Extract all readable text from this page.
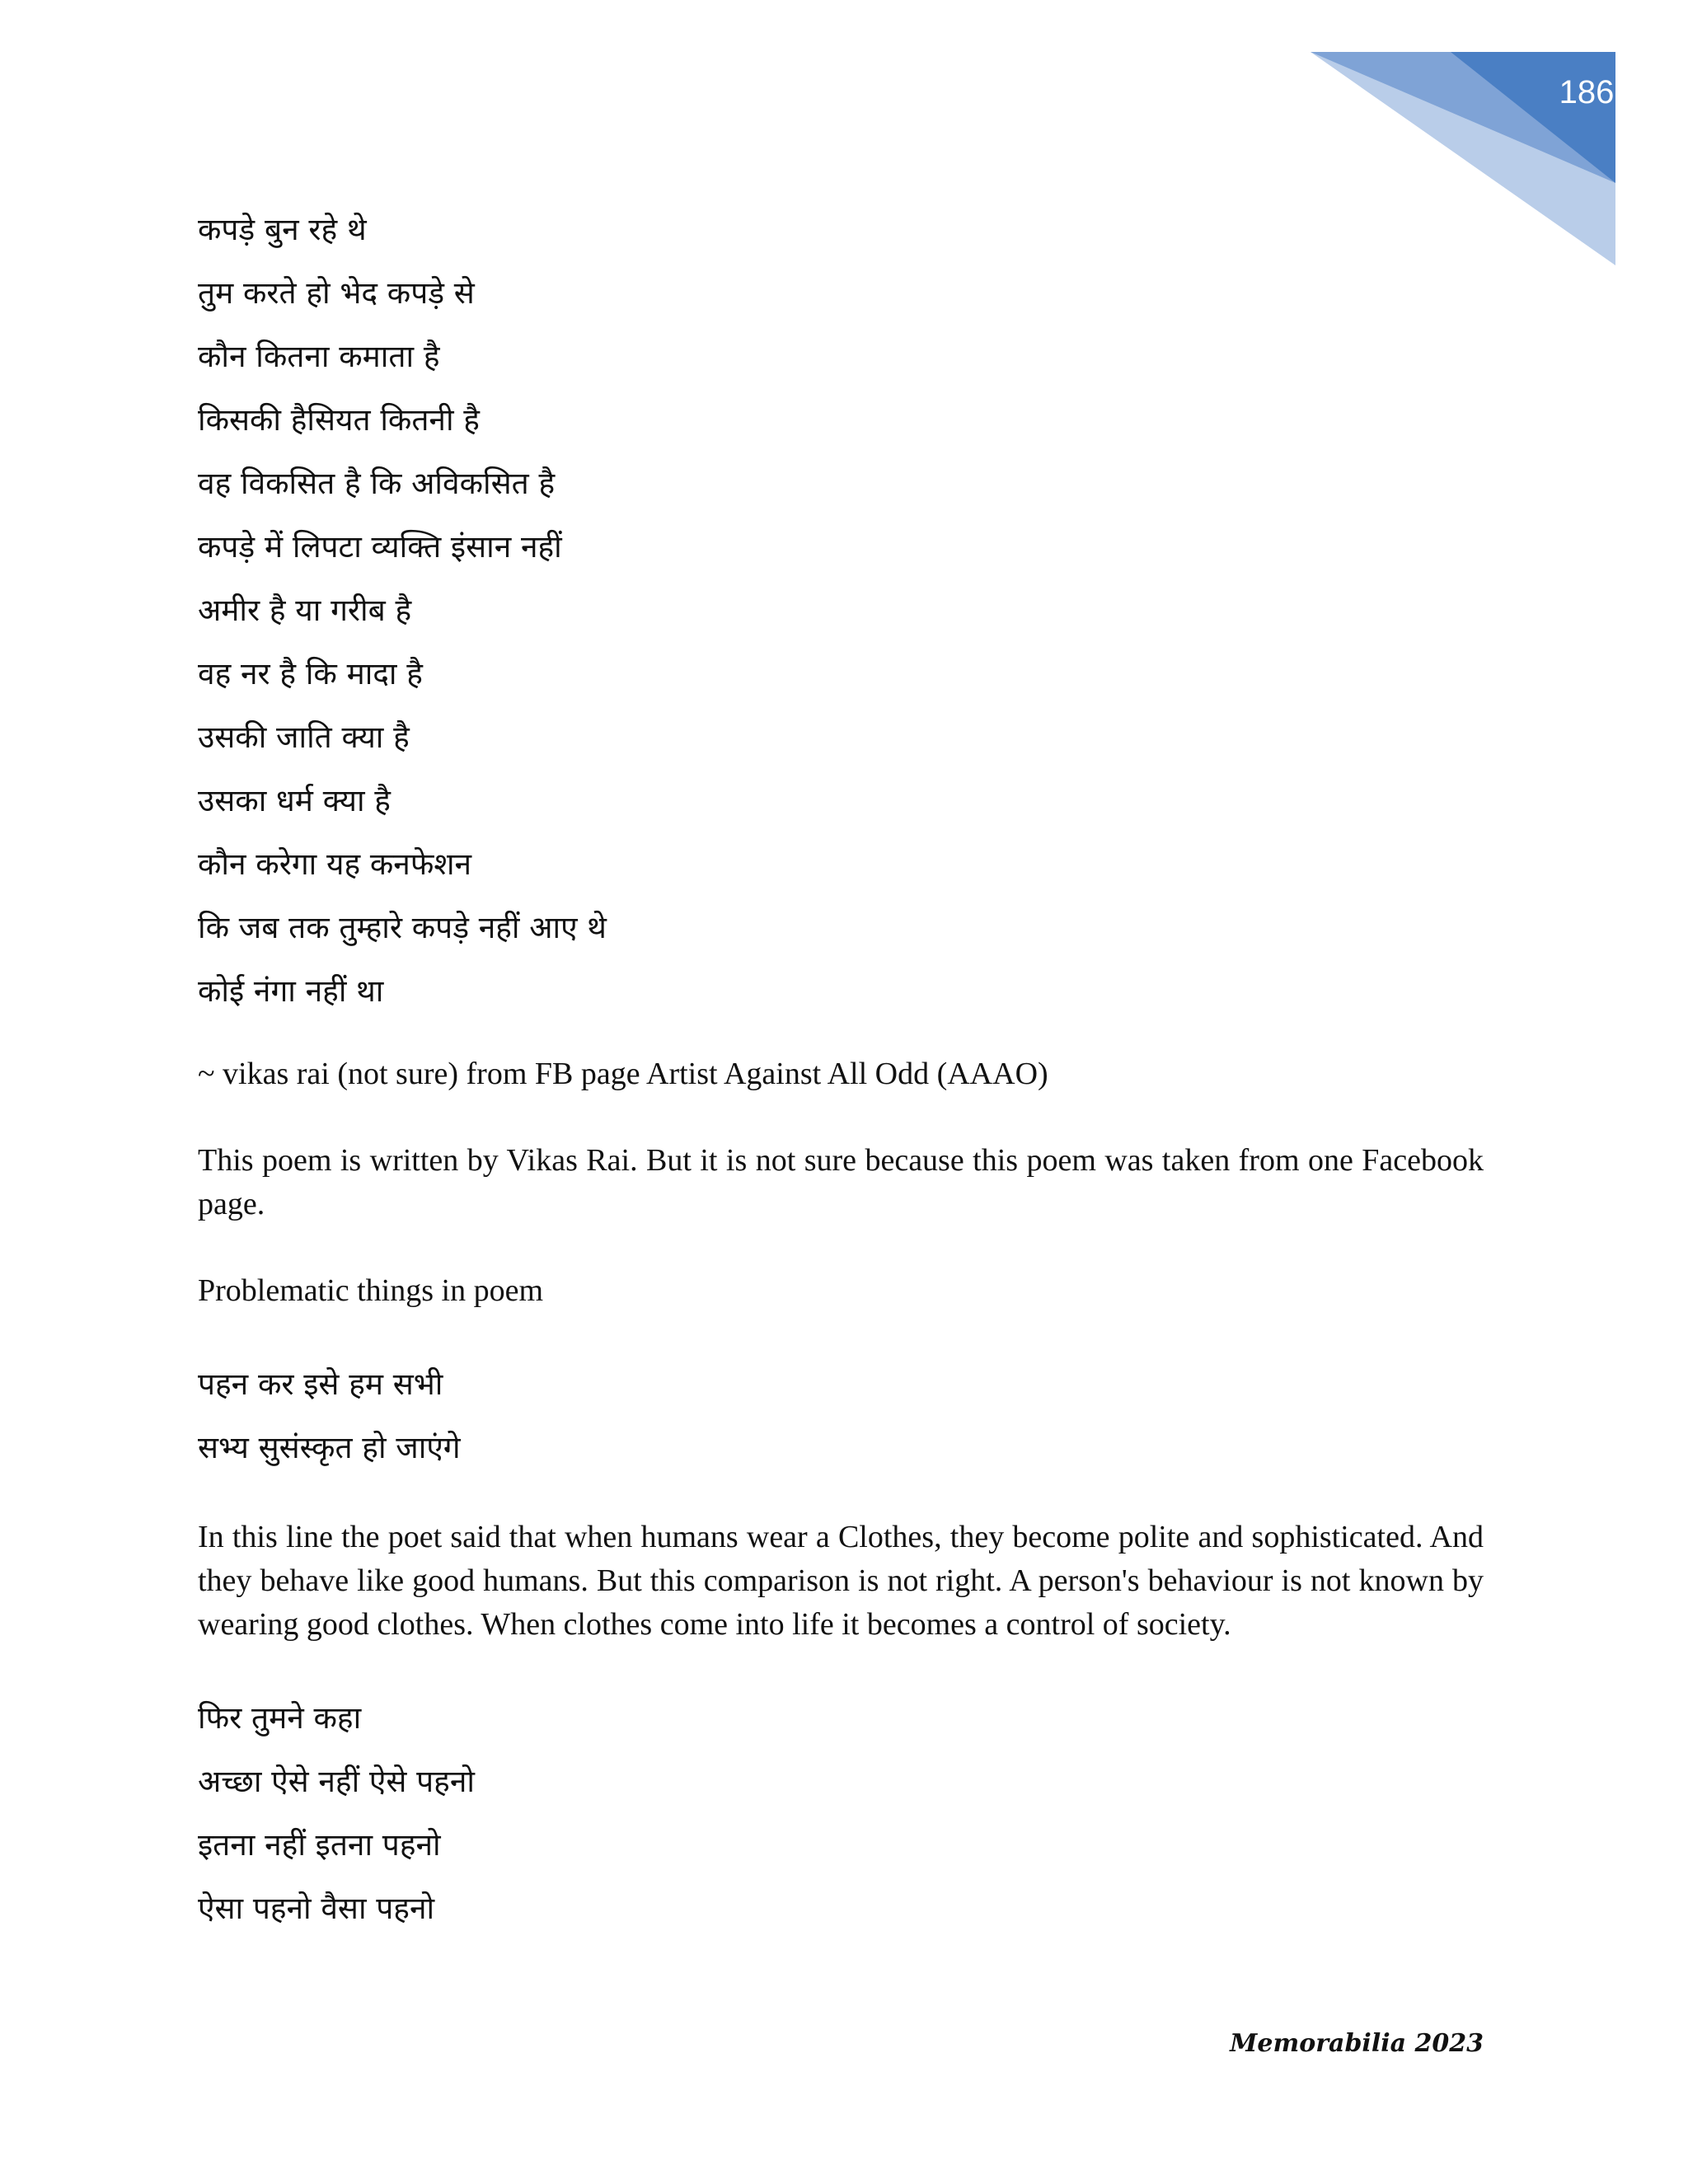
186
कपड़े बुन रहे थे
तुम करते हो भेद कपड़े से
कौन कितना कमाता है
किसकी हैसियत कितनी है
वह विकसित है कि अविकसित है
कपड़े में लिपटा व्यक्ति इंसान नहीं
अमीर है या गरीब है
वह नर है कि मादा है
उसकी जाति क्या है
उसका धर्म क्या है
कौन करेगा यह कनफेशन
कि जब तक तुम्हारे कपड़े नहीं आए थे
कोई नंगा नहीं था
~ vikas rai (not sure) from FB page Artist Against All Odd (AAAO)
This poem is written by Vikas Rai. But it is not sure because this poem was taken from one Facebook page.
Problematic things in poem
पहन कर इसे हम सभी
सभ्य सुसंस्कृत हो जाएंगे
In this line the poet said that when humans wear a Clothes, they become polite and sophisticated. And they behave like good humans. But this comparison is not right. A person's behaviour is not known by wearing good clothes. When clothes come into life it becomes a control of society.
फिर तुमने कहा
अच्छा ऐसे नहीं ऐसे पहनो
इतना नहीं इतना पहनो
ऐसा पहनो वैसा पहनो
Memorabilia 2023
